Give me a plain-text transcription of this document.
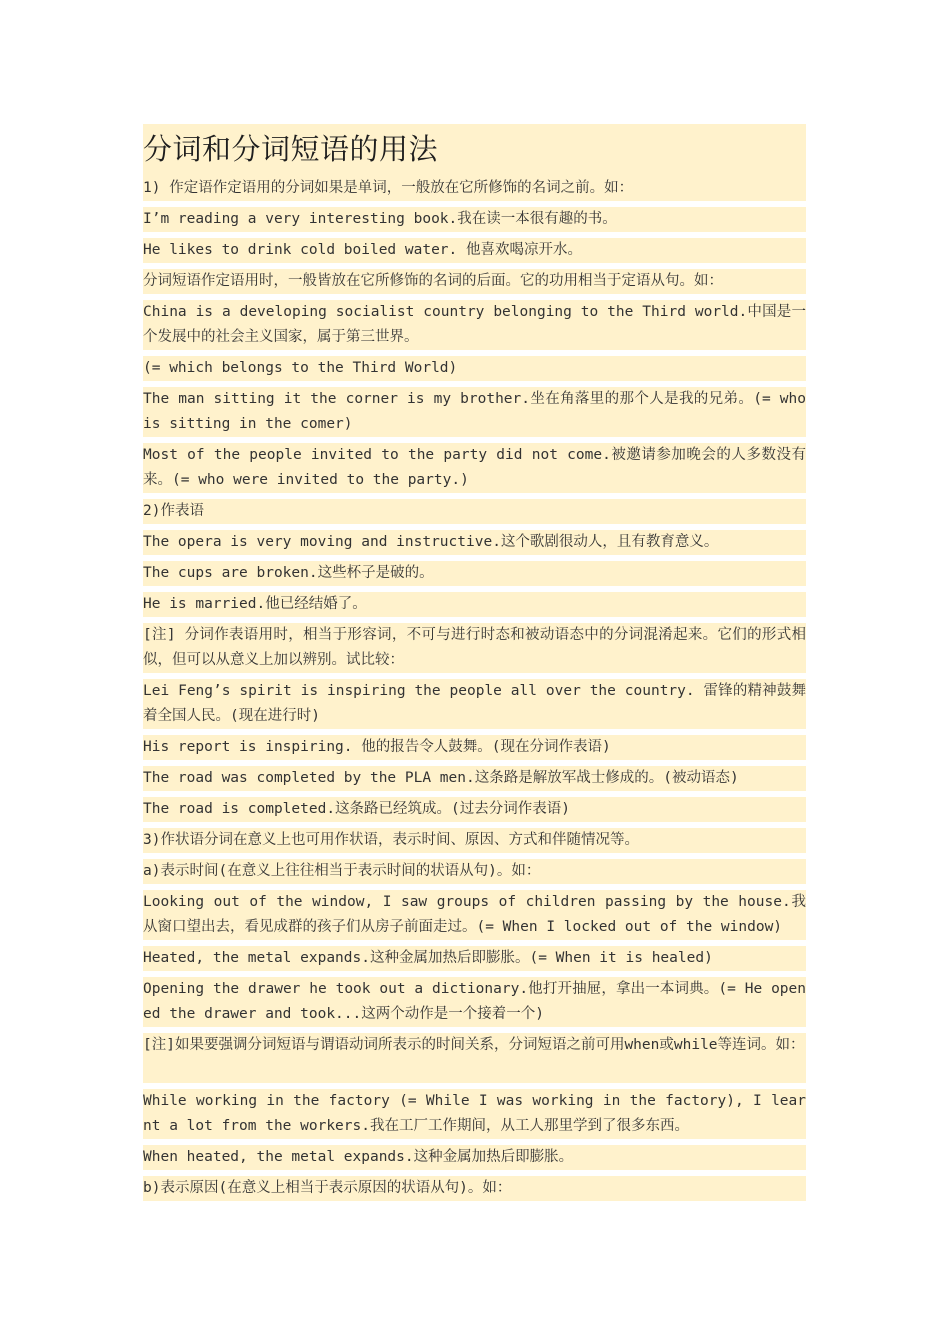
分词和分词短语的用法

1) 作定语作定语用的分词如果是单词，一般放在它所修饰的名词之前。如：

I’m reading a very interesting book.我在读一本很有趣的书。

He likes to drink cold boiled water. 他喜欢喝凉开水。

分词短语作定语用时，一般皆放在它所修饰的名词的后面。它的功用相当于定语从句。如：

China is a developing socialist country belonging to the Third world.中国是一个发展中的社会主义国家，属于第三世界。

(= which belongs to the Third World)

The man sitting it the corner is my brother.坐在角落里的那个人是我的兄弟。(= who is sitting in the comer)

Most of the people invited to the party did not come.被邀请参加晚会的人多数没有来。(= who were invited to the party.)

2)作表语

The opera is very moving and instructive.这个歌剧很动人，且有教育意义。

The cups are broken.这些杯子是破的。

He is married.他已经结婚了。

[注] 分词作表语用时，相当于形容词，不可与进行时态和被动语态中的分词混淆起来。它们的形式相似，但可以从意义上加以辨别。试比较：

Lei Feng’s spirit is inspiring the people all over the country. 雷锋的精神鼓舞着全国人民。(现在进行时)

His report is inspiring. 他的报告令人鼓舞。(现在分词作表语)

The road was completed by the PLA men.这条路是解放军战士修成的。(被动语态)

The road is completed.这条路已经筑成。(过去分词作表语)

3)作状语分词在意义上也可用作状语，表示时间、原因、方式和伴随情况等。

a)表示时间(在意义上往往相当于表示时间的状语从句)。如：

Looking out of the window, I saw groups of children passing by the house.我从窗口望出去，看见成群的孩子们从房子前面走过。(= When I locked out of the window)

Heated, the metal expands.这种金属加热后即膨胀。(= When it is healed)

Opening the drawer he took out a dictionary.他打开抽屉，拿出一本词典。(= He opened the drawer and took...这两个动作是一个接着一个)

[注]如果要强调分词短语与谓语动词所表示的时间关系，分词短语之前可用when或while等连词。如：

While working in the factory (= While I was working in the factory), I learnt a lot from the workers.我在工厂工作期间，从工人那里学到了很多东西。

When heated, the metal expands.这种金属加热后即膨胀。

b)表示原因(在意义上相当于表示原因的状语从句)。如：
